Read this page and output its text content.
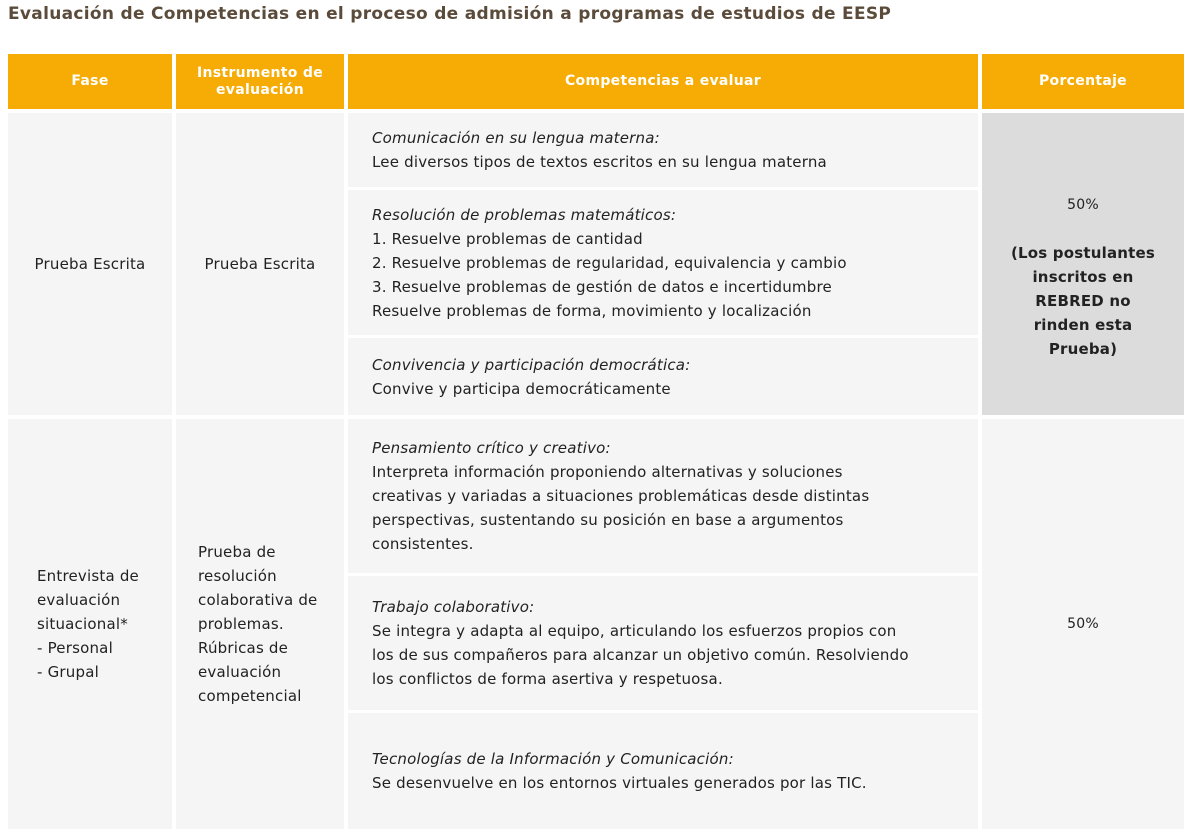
Evaluación de Competencias en el proceso de admisión a programas de estudios de EESP
Fase
Instrumento de evaluación
Competencias a evaluar	Porcentaje
Prueba Escrita	Prueba Escrita
Comunicación en su lengua materna:
Lee diversos tipos de textos escritos en su lengua materna
Resolución de problemas matemáticos:
1. Resuelve problemas de cantidad
2. Resuelve problemas de regularidad, equivalencia y cambio
3. Resuelve problemas de gestión de datos e incertidumbre
Resuelve problemas de forma, movimiento y localización
Convivencia y participación democrática:
Convive y participa democráticamente
50%
(Los postulantes
inscritos en
REBRED no
rinden esta
Prueba)
Entrevista de
evaluación
situacional*
- Personal
- Grupal
Prueba de
resolución
colaborativa de
problemas.
Rúbricas de
evaluación
competencial
Pensamiento crítico y creativo:
Interpreta información proponiendo alternativas y soluciones
creativas y variadas a situaciones problemáticas desde distintas
perspectivas, sustentando su posición en base a argumentos
consistentes.
Trabajo colaborativo:
Se integra y adapta al equipo, articulando los esfuerzos propios con
los de sus compañeros para alcanzar un objetivo común. Resolviendo
los conflictos de forma asertiva y respetuosa.
Tecnologías de la Información y Comunicación:
Se desenvuelve en los entornos virtuales generados por las TIC.
50%
